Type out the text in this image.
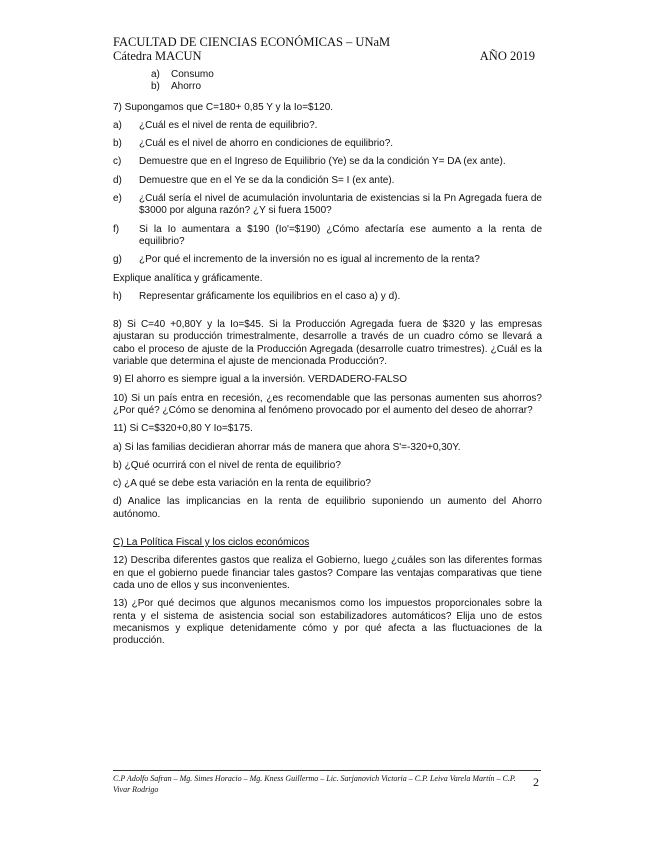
FACULTAD DE CIENCIAS ECONÓMICAS – UNaM
Cátedra MACUN	AÑO 2019
a)	Consumo
b)	Ahorro

7) Supongamos que C=180+ 0,85 Y y la Io=$120.

a)	¿Cuál es el nivel de renta de equilibrio?.
b)	¿Cuál es el nivel de ahorro en condiciones de equilibrio?.
c)	Demuestre que en el Ingreso de Equilibrio (Ye) se da la condición Y= DA (ex ante).
d)	Demuestre que en el Ye se da la condición S= I (ex ante).
e)	¿Cuál sería el nivel de acumulación involuntaria de existencias si la Pn Agregada fuera de $3000 por alguna razón? ¿Y si fuera 1500?
f)	Si la Io aumentara a $190 (Io'=$190) ¿Cómo afectaría ese aumento a la renta de equilibrio?
g)	¿Por qué el incremento de la inversión no es igual al incremento de la renta?

Explique analítica y gráficamente.

h)	Representar gráficamente los equilibrios en el caso a) y d).

8) Si C=40 +0,80Y y la Io=$45. Si la Producción Agregada fuera de $320 y las empresas ajustaran su producción trimestralmente, desarrolle a través de un cuadro cómo se llevará a cabo el proceso de ajuste de la Producción Agregada (desarrolle cuatro trimestres). ¿Cuál es la variable que determina el ajuste de mencionada Producción?.

9) El ahorro es siempre igual a la inversión. VERDADERO-FALSO

10) Si un país entra en recesión, ¿es recomendable que las personas aumenten sus ahorros? ¿Por qué? ¿Cómo se denomina al fenómeno provocado por el aumento del deseo de ahorrar?

11) Si C=$320+0,80 Y Io=$175.

a) Si las familias decidieran ahorrar más de manera que ahora S'=-320+0,30Y.

b) ¿Qué ocurrirá con el nivel de renta de equilibrio?

c) ¿A qué se debe esta variación en la renta de equilibrio?

d) Analice las implicancias en la renta de equilibrio suponiendo un aumento del Ahorro autónomo.

C) La Política Fiscal y los ciclos económicos

12) Describa diferentes gastos que realiza el Gobierno, luego ¿cuáles son las diferentes formas en que el gobierno puede financiar tales gastos? Compare las ventajas comparativas que tiene cada uno de ellos y sus inconvenientes.

13) ¿Por qué decimos que algunos mecanismos como los impuestos proporcionales sobre la renta y el sistema de asistencia social son estabilizadores automáticos? Elija uno de estos mecanismos y explique detenidamente cómo y por qué afecta a las fluctuaciones de la producción.

C.P Adolfo Safran – Mg. Simes Horacio – Mg. Kness Guillermo – Lic. Sarjanovich Victoria – C.P. Leiva Varela Martín – C.P. Vivar Rodrigo	2
